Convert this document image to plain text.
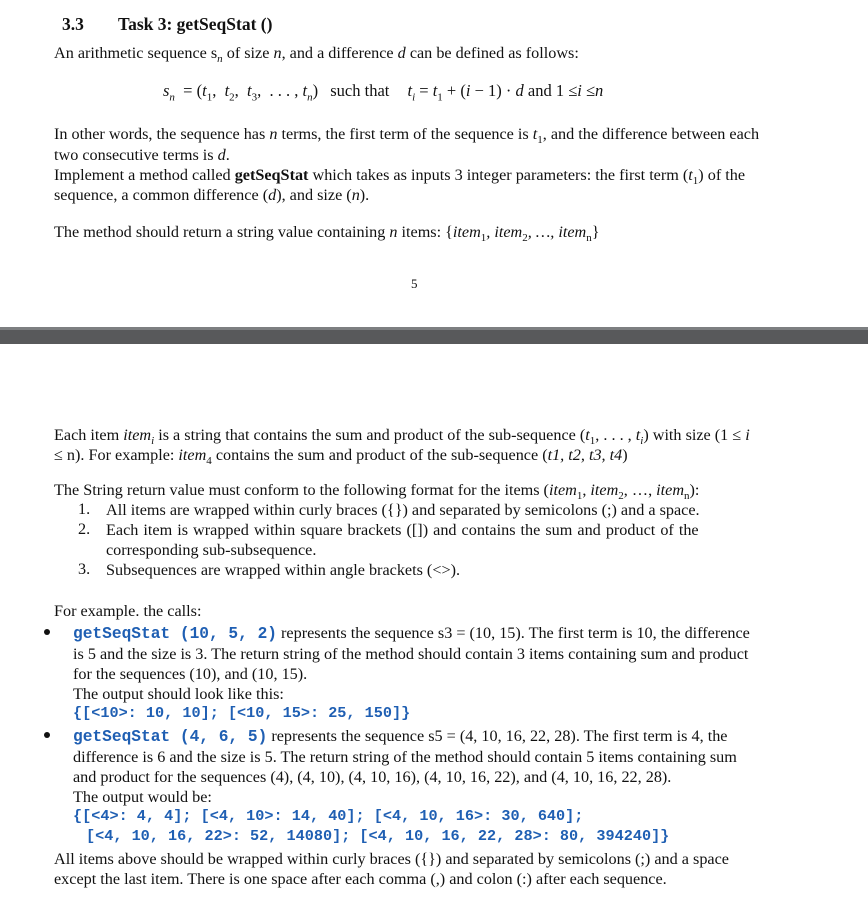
3.3 Task 3: getSeqStat ()
An arithmetic sequence $s_n$ of size n, and a difference d can be defined as follows:
$s_n = (t_1$,  $t_2$,  $t_3$,  . . . , $t_n$) such that $t_i = t_1 + (i - 1) \cdot d$ and 1 ≤i ≤n
In other words, the sequence has n terms, the first term of the sequence is $t_1$, and the difference between each
two consecutive terms is d.
Implement a method called getSeqStat which takes as inputs 3 integer parameters: the first term $(t_1)$ of the
sequence, a common difference (d), and size (n).
The method should return a string value containing n items: {item$_1$, item$_2$, …, item$_n$}
5
Each item item$_i$ is a string that contains the sum and product of the sub-sequence ($t_1$, . . . , $t_i$) with size (1 ≤ i
≤ n). For example: item$_4$ contains the sum and product of the sub-sequence (t1, t2, t3, t4)
The String return value must conform to the following format for the items (item$_1$, item$_2$, …, item$_n$):
1. All items are wrapped within curly braces ({}) and separated by semicolons (;) and a space.
2. Each item is wrapped within square brackets ([]) and contains the sum and product of the
corresponding sub-subsequence.
3. Subsequences are wrapped within angle brackets (<>).
For example. the calls:
getSeqStat (10, 5, 2) represents the sequence s3 = (10, 15). The first term is 10, the difference
is 5 and the size is 3. The return string of the method should contain 3 items containing sum and product
for the sequences (10), and (10, 15).
The output should look like this:
{[<10>: 10, 10]; [<10, 15>: 25, 150]}
getSeqStat (4, 6, 5) represents the sequence s5 = (4, 10, 16, 22, 28). The first term is 4, the
difference is 6 and the size is 5. The return string of the method should contain 5 items containing sum
and product for the sequences (4), (4, 10), (4, 10, 16), (4, 10, 16, 22), and (4, 10, 16, 22, 28).
The output would be:
{[<4>: 4, 4]; [<4, 10>: 14, 40]; [<4, 10, 16>: 30, 640];
[<4, 10, 16, 22>: 52, 14080]; [<4, 10, 16, 22, 28>: 80, 394240]}
All items above should be wrapped within curly braces ({}) and separated by semicolons (;) and a space
except the last item. There is one space after each comma (,) and colon (:) after each sequence.
